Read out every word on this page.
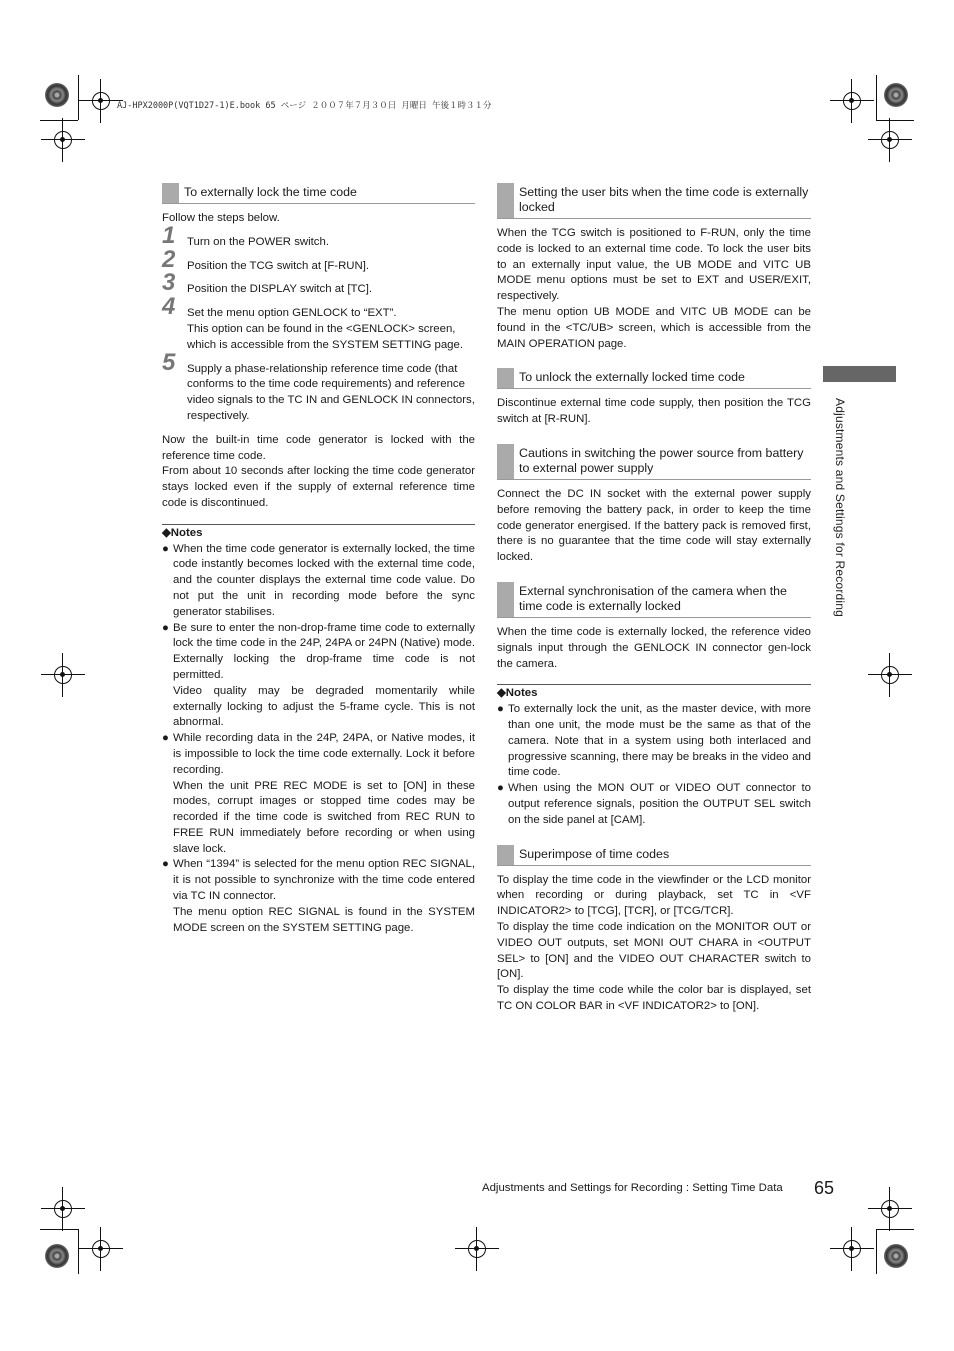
AJ-HPX2000P(VQT1D27-1)E.book 65 ページ ２００７年７月３０日 月曜日 午後１時３１分
To externally lock the time code

Follow the steps below.

1 Turn on the POWER switch.
2 Position the TCG switch at [F-RUN].
3 Position the DISPLAY switch at [TC].
4 Set the menu option GENLOCK to “EXT”.
This option can be found in the <GENLOCK> screen, which is accessible from the SYSTEM SETTING page.
5 Supply a phase-relationship reference time code (that conforms to the time code requirements) and reference video signals to the TC IN and GENLOCK IN connectors, respectively.

Now the built-in time code generator is locked with the reference time code.

From about 10 seconds after locking the time code generator stays locked even if the supply of external reference time code is discontinued.

◆Notes
● When the time code generator is externally locked, the time code instantly becomes locked with the external time code, and the counter displays the external time code value. Do not put the unit in recording mode before the sync generator stabilises.
● Be sure to enter the non-drop-frame time code to externally lock the time code in the 24P, 24PA or 24PN (Native) mode. Externally locking the drop-frame time code is not permitted.
Video quality may be degraded momentarily while externally locking to adjust the 5-frame cycle. This is not abnormal.
● While recording data in the 24P, 24PA, or Native modes, it is impossible to lock the time code externally. Lock it before recording.
When the unit PRE REC MODE is set to [ON] in these modes, corrupt images or stopped time codes may be recorded if the time code is switched from REC RUN to FREE RUN immediately before recording or when using slave lock.
● When “1394” is selected for the menu option REC SIGNAL, it is not possible to synchronize with the time code entered via TC IN connector.
The menu option REC SIGNAL is found in the SYSTEM MODE screen on the SYSTEM SETTING page.
Setting the user bits when the time code is externally locked

When the TCG switch is positioned to F-RUN, only the time code is locked to an external time code. To lock the user bits to an externally input value, the UB MODE and VITC UB MODE menu options must be set to EXT and USER/EXIT, respectively.

The menu option UB MODE and VITC UB MODE can be found in the <TC/UB> screen, which is accessible from the MAIN OPERATION page.

To unlock the externally locked time code

Discontinue external time code supply, then position the TCG switch at [R-RUN].

Cautions in switching the power source from battery to external power supply

Connect the DC IN socket with the external power supply before removing the battery pack, in order to keep the time code generator energised. If the battery pack is removed first, there is no guarantee that the time code will stay externally locked.

External synchronisation of the camera when the time code is externally locked

When the time code is externally locked, the reference video signals input through the GENLOCK IN connector gen-lock the camera.

◆Notes
● To externally lock the unit, as the master device, with more than one unit, the mode must be the same as that of the camera. Note that in a system using both interlaced and progressive scanning, there may be breaks in the video and time code.
● When using the MON OUT or VIDEO OUT connector to output reference signals, position the OUTPUT SEL switch on the side panel at [CAM].
Superimpose of time codes

To display the time code in the viewfinder or the LCD monitor when recording or during playback, set TC in <VF INDICATOR2> to [TCG], [TCR], or [TCG/TCR].

To display the time code indication on the MONITOR OUT or VIDEO OUT outputs, set MONI OUT CHARA in <OUTPUT SEL> to [ON] and the VIDEO OUT CHARACTER switch to [ON].

To display the time code while the color bar is displayed, set TC ON COLOR BAR in <VF INDICATOR2> to [ON].

Adjustments and Settings for Recording
Adjustments and Settings for Recording : Setting Time Data 65
